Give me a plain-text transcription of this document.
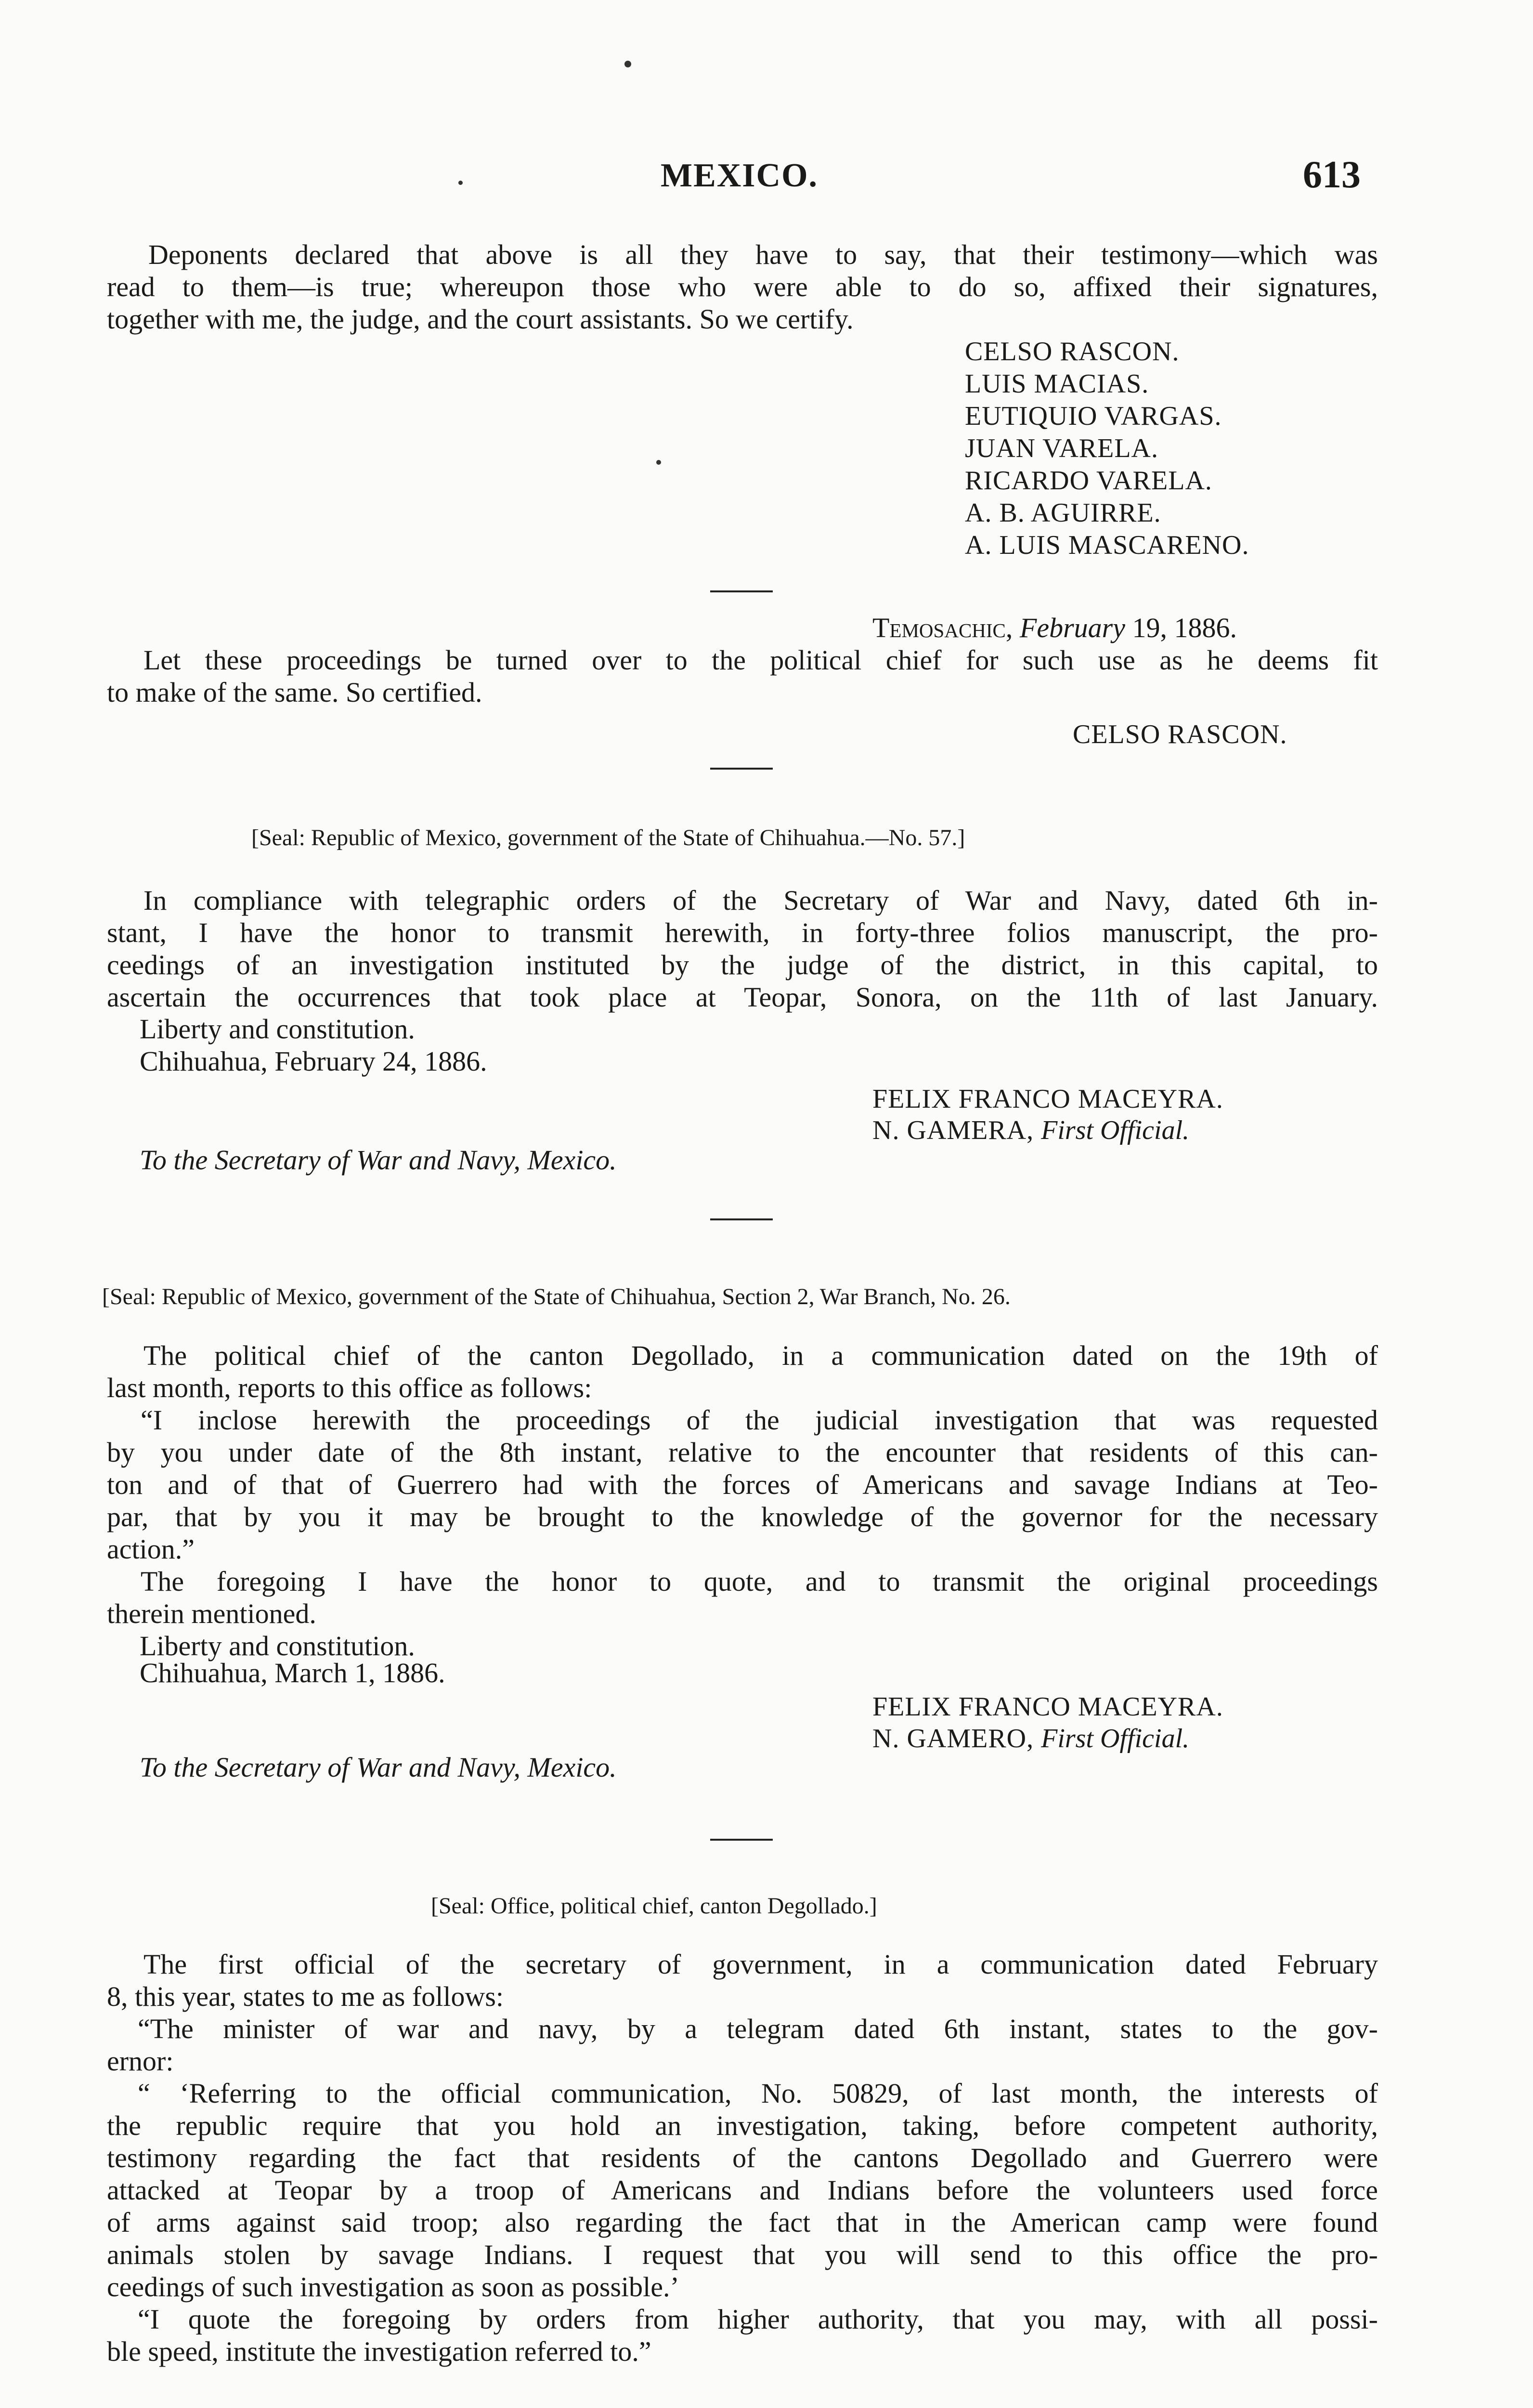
MEXICO.	613
Deponents declared that above is all they have to say, that their testimony—which was
read to them—is true; whereupon those who were able to do so, affixed their signatures,
together with me, the judge, and the court assistants. So we certify.
CELSO RASCON.
LUIS MACIAS.
EUTIQUIO VARGAS.
JUAN VARELA.
RICARDO VARELA.
A. B. AGUIRRE.
A. LUIS MASCARENO.
Temosachic, February 19, 1886.
Let these proceedings be turned over to the political chief for such use as he deems fit
to make of the same. So certified.
CELSO RASCON.
[Seal: Republic of Mexico, government of the State of Chihuahua.—No. 57.]
In compliance with telegraphic orders of the Secretary of War and Navy, dated 6th in-
stant, I have the honor to transmit herewith, in forty-three folios manuscript, the pro-
ceedings of an investigation instituted by the judge of the district, in this capital, to
ascertain the occurrences that took place at Teopar, Sonora, on the 11th of last January.
Liberty and constitution.
Chihuahua, February 24, 1886.
FELIX FRANCO MACEYRA.
N. GAMERA, First Official.
To the Secretary of War and Navy, Mexico.
[Seal: Republic of Mexico, government of the State of Chihuahua, Section 2, War Branch, No. 26.
The political chief of the canton Degollado, in a communication dated on the 19th of
last month, reports to this office as follows:
“I inclose herewith the proceedings of the judicial investigation that was requested
by you under date of the 8th instant, relative to the encounter that residents of this can-
ton and of that of Guerrero had with the forces of Americans and savage Indians at Teo-
par, that by you it may be brought to the knowledge of the governor for the necessary
action.”
The foregoing I have the honor to quote, and to transmit the original proceedings
therein mentioned.
Liberty and constitution.
Chihuahua, March 1, 1886.
FELIX FRANCO MACEYRA.
N. GAMERO, First Official.
To the Secretary of War and Navy, Mexico.
[Seal: Office, political chief, canton Degollado.]
The first official of the secretary of government, in a communication dated February
8, this year, states to me as follows:
“The minister of war and navy, by a telegram dated 6th instant, states to the gov-
ernor:
“ ‘Referring to the official communication, No. 50829, of last month, the interests of
the republic require that you hold an investigation, taking, before competent authority,
testimony regarding the fact that residents of the cantons Degollado and Guerrero were
attacked at Teopar by a troop of Americans and Indians before the volunteers used force
of arms against said troop; also regarding the fact that in the American camp were found
animals stolen by savage Indians. I request that you will send to this office the pro-
ceedings of such investigation as soon as possible.’
“I quote the foregoing by orders from higher authority, that you may, with all possi-
ble speed, institute the investigation referred to.”
